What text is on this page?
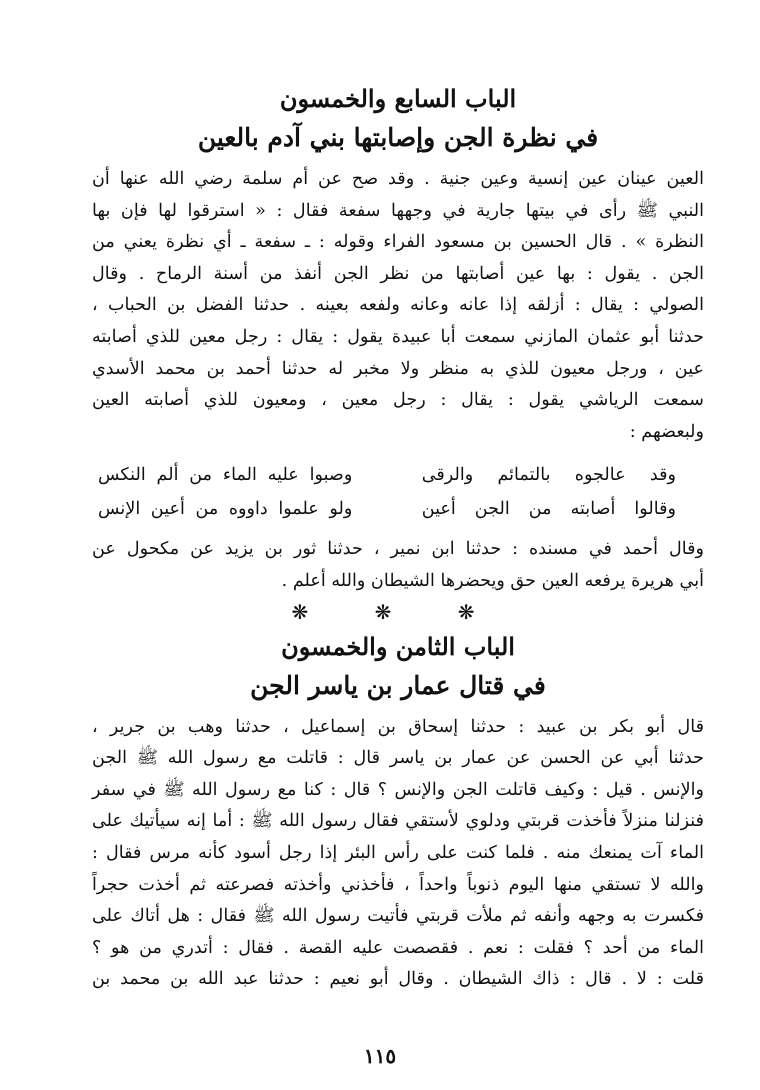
الباب السابع والخمسون
في نظرة الجن وإصابتها بني آدم بالعين

العين عينان عين إنسية وعين جنية . وقد صح عن أم سلمة رضي الله عنها أن
النبي ﷺ رأى في بيتها جارية في وجهها سفعة فقال : « استرقوا لها فإن بها
النظرة » . قال الحسين بن مسعود الفراء وقوله : ـ سفعة ـ أي نظرة يعني من
الجن . يقول : بها عين أصابتها من نظر الجن أنفذ من أسنة الرماح . وقال
الصولي : يقال : أزلقه إذا عانه وعانه ولفعه بعينه . حدثنا الفضل بن الحباب ،
حدثنا أبو عثمان المازني سمعت أبا عبيدة يقول : يقال : رجل معين للذي أصابته
عين ، ورجل معيون للذي به منظر ولا مخبر له حدثنا أحمد بن محمد الأسدي
سمعت الرياشي يقول : يقال : رجل معين ، ومعيون للذي أصابته العين
ولبعضهم :

وقد عالجوه بالتمائم والرقى
وصبوا عليه الماء من ألم النكس
وقالوا أصابته من الجن أعين
ولو علموا داووه من أعين الإنس

وقال أحمد في مسنده : حدثنا ابن نمير ، حدثنا ثور بن يزيد عن مكحول عن
أبي هريرة يرفعه العين حق ويحضرها الشيطان والله أعلم .

❋ ❋ ❋
الباب الثامن والخمسون
في قتال عمار بن ياسر الجن

قال أبو بكر بن عبيد : حدثنا إسحاق بن إسماعيل ، حدثنا وهب بن جرير ،
حدثنا أبي عن الحسن عن عمار بن ياسر قال : قاتلت مع رسول الله ﷺ الجن
والإنس . قيل : وكيف قاتلت الجن والإنس ؟ قال : كنا مع رسول الله ﷺ في سفر
فنزلنا منزلاً فأخذت قربتي ودلوي لأستقي فقال رسول الله ﷺ : أما إنه سيأتيك على
الماء آت يمنعك منه . فلما كنت على رأس البئر إذا رجل أسود كأنه مرس فقال :
والله لا تستقي منها اليوم ذنوباً واحداً ، فأخذني وأخذته فصرعته ثم أخذت حجراً
فكسرت به وجهه وأنفه ثم ملأت قربتي فأتيت رسول الله ﷺ فقال : هل أتاك على
الماء من أحد ؟ فقلت : نعم . فقصصت عليه القصة . فقال : أتدري من هو ؟
قلت : لا . قال : ذاك الشيطان . وقال أبو نعيم : حدثنا عبد الله بن محمد بن

١١٥
